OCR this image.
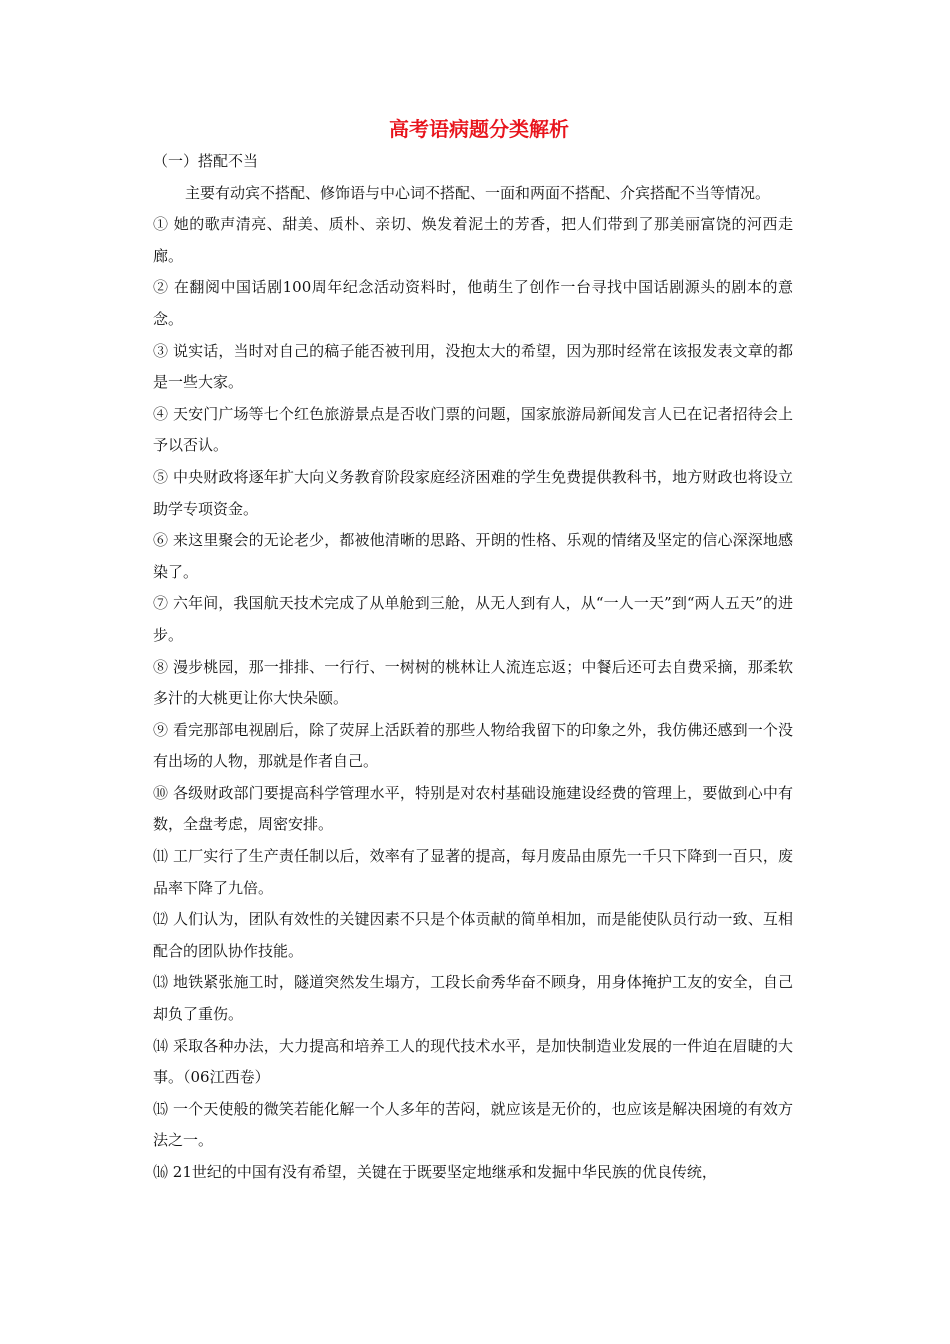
高考语病题分类解析

（一）搭配不当

主要有动宾不搭配、修饰语与中心词不搭配、一面和两面不搭配、介宾搭配不当等情况。

① 她的歌声清亮、甜美、质朴、亲切、焕发着泥土的芳香，把人们带到了那美丽富饶的河西走廊。

② 在翻阅中国话剧100周年纪念活动资料时，他萌生了创作一台寻找中国话剧源头的剧本的意念。

③ 说实话，当时对自己的稿子能否被刊用，没抱太大的希望，因为那时经常在该报发表文章的都是一些大家。

④ 天安门广场等七个红色旅游景点是否收门票的问题，国家旅游局新闻发言人已在记者招待会上予以否认。

⑤ 中央财政将逐年扩大向义务教育阶段家庭经济困难的学生免费提供教科书，地方财政也将设立助学专项资金。

⑥ 来这里聚会的无论老少，都被他清晰的思路、开朗的性格、乐观的情绪及坚定的信心深深地感染了。

⑦ 六年间，我国航天技术完成了从单舱到三舱，从无人到有人，从“一人一天”到“两人五天”的进步。

⑧ 漫步桃园，那一排排、一行行、一树树的桃林让人流连忘返；中餐后还可去自费采摘，那柔软多汁的大桃更让你大快朵颐。

⑨ 看完那部电视剧后，除了荧屏上活跃着的那些人物给我留下的印象之外，我仿佛还感到一个没有出场的人物，那就是作者自己。

⑩ 各级财政部门要提高科学管理水平，特别是对农村基础设施建设经费的管理上，要做到心中有数，全盘考虑，周密安排。

⑾ 工厂实行了生产责任制以后，效率有了显著的提高，每月废品由原先一千只下降到一百只，废品率下降了九倍。

⑿ 人们认为，团队有效性的关键因素不只是个体贡献的简单相加，而是能使队员行动一致、互相配合的团队协作技能。

⒀ 地铁紧张施工时，隧道突然发生塌方，工段长俞秀华奋不顾身，用身体掩护工友的安全，自己却负了重伤。

⒁ 采取各种办法，大力提高和培养工人的现代技术水平，是加快制造业发展的一件迫在眉睫的大事。（06江西卷）

⒂ 一个天使般的微笑若能化解一个人多年的苦闷，就应该是无价的，也应该是解决困境的有效方法之一。

⒃ 21世纪的中国有没有希望，关键在于既要坚定地继承和发掘中华民族的优良传统，
